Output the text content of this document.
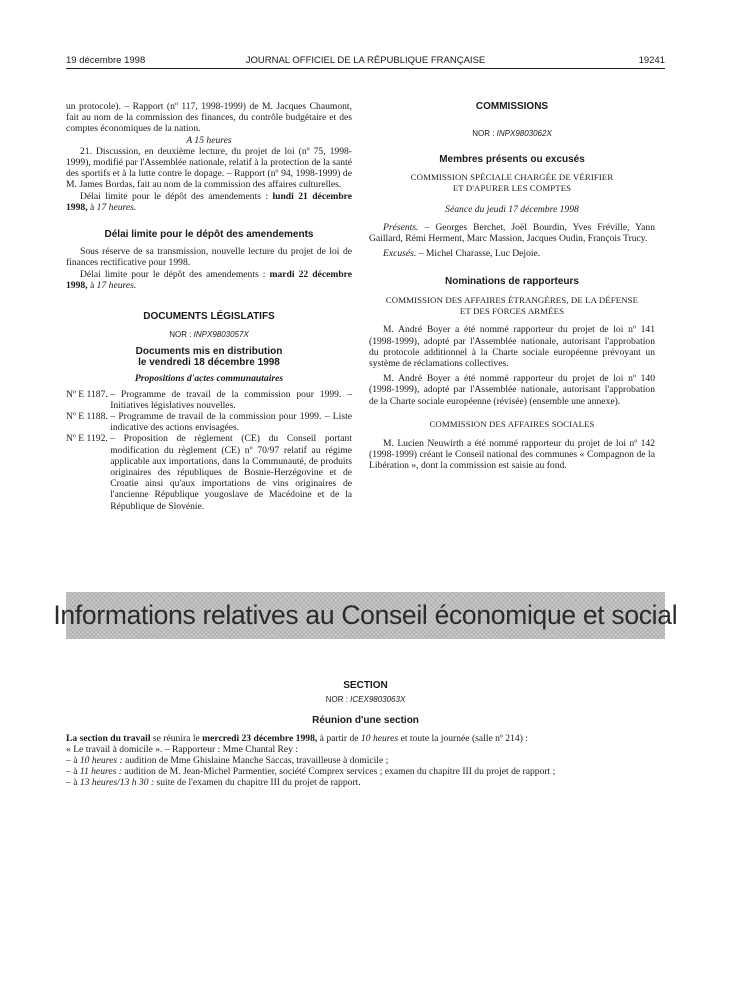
19 décembre 1998	JOURNAL OFFICIEL DE LA RÉPUBLIQUE FRANÇAISE	19241

un protocole). – Rapport (nº 117, 1998-1999) de M. Jacques Chaumont, fait au nom de la commission des finances, du contrôle budgétaire et des comptes économiques de la nation.

A 15 heures

21. Discussion, en deuxième lecture, du projet de loi (nº 75, 1998-1999), modifié par l'Assemblée nationale, relatif à la protection de la santé des sportifs et à la lutte contre le dopage. – Rapport (nº 94, 1998-1999) de M. James Bordas, fait au nom de la commission des affaires culturelles.

Délai limite pour le dépôt des amendements : lundi 21 décembre 1998, à 17 heures.

Délai limite pour le dépôt des amendements

Sous réserve de sa transmission, nouvelle lecture du projet de loi de finances rectificative pour 1998.

Délai limite pour le dépôt des amendements : mardi 22 décembre 1998, à 17 heures.

DOCUMENTS LÉGISLATIFS

NOR : INPX9803057X

Documents mis en distribution
le vendredi 18 décembre 1998

Propositions d'actes communautaires

Nº E 1187.
– Programme de travail de la commission pour 1999. – Initiatives législatives nouvelles.
Nº E 1188.
– Programme de travail de la commission pour 1999. – Liste indicative des actions envisagées.
Nº E 1192.
– Proposition de règlement (CE) du Conseil portant modification du règlement (CE) nº 70/97 relatif au régime applicable aux importations, dans la Communauté, de produits originaires des républiques de Bosnie-Herzégovine et de Croatie ainsi qu'aux importations de vins originaires de l'ancienne République yougoslave de Macédoine et de la République de Slovénie.

COMMISSIONS

NOR : INPX9803062X

Membres présents ou excusés

COMMISSION SPÉCIALE CHARGÉE DE VÉRIFIER

ET D'APURER LES COMPTES

Séance du jeudi 17 décembre 1998

Présents. – Georges Berchet, Joël Bourdin, Yves Fréville, Yann Gaillard, Rémi Herment, Marc Massion, Jacques Oudin, François Trucy.

Excusés. – Michel Charasse, Luc Dejoie.

Nominations de rapporteurs

COMMISSION DES AFFAIRES ÉTRANGÈRES, DE LA DÉFENSE

ET DES FORCES ARMÉES

M. André Boyer a été nommé rapporteur du projet de loi nº 141 (1998-1999), adopté par l'Assemblée nationale, autorisant l'approbation du protocole additionnel à la Charte sociale européenne prévoyant un système de réclamations collectives.

M. André Boyer a été nommé rapporteur du projet de loi nº 140 (1998-1999), adopté par l'Assemblée nationale, autorisant l'approbation de la Charte sociale européenne (révisée) (ensemble une annexe).

COMMISSION DES AFFAIRES SOCIALES

M. Lucien Neuwirth a été nommé rapporteur du projet de loi nº 142 (1998-1999) créant le Conseil national des communes « Compagnon de la Libération », dont la commission est saisie au fond.

Informations relatives au Conseil économique et social

SECTION

NOR : ICEX9803063X

Réunion d'une section

La section du travail se réunira le mercredi 23 décembre 1998, à partir de 10 heures et toute la journée (salle nº 214) :

« Le travail à domicile ». – Rapporteur : Mme Chantal Rey :

– à 10 heures : audition de Mme Ghislaine Manche Saccas, travailleuse à domicile ;

– à 11 heures : audition de M. Jean-Michel Parmentier, société Comprex services ; examen du chapitre III du projet de rapport ;

– à 13 heures/13 h 30 : suite de l'examen du chapitre III du projet de rapport.
